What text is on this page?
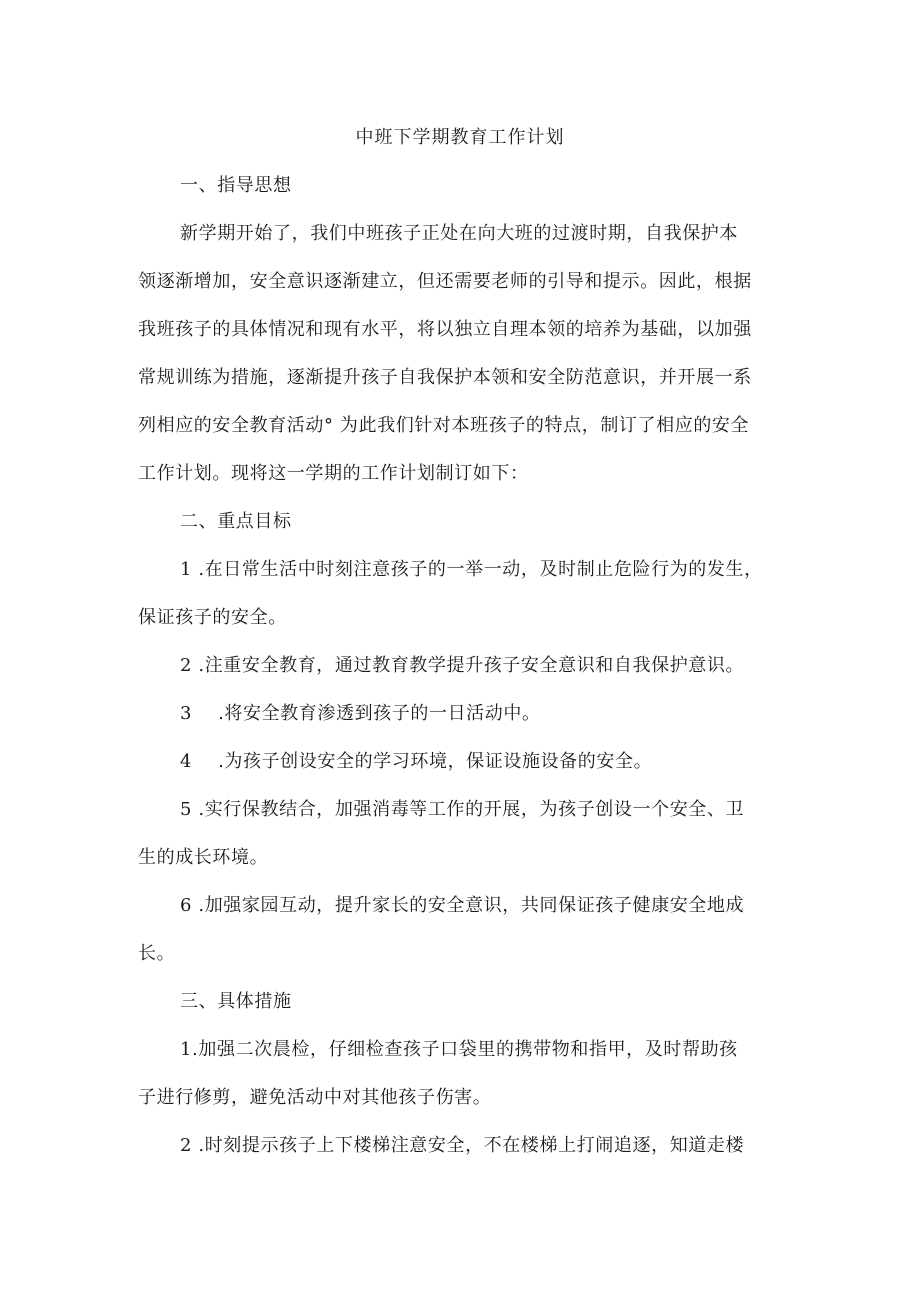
中班下学期教育工作计划
一、指导思想
新学期开始了，我们中班孩子正处在向大班的过渡时期，自我保护本
领逐渐增加，安全意识逐渐建立，但还需要老师的引导和提示。因此，根据
我班孩子的具体情况和现有水平，将以独立自理本领的培养为基础，以加强
常规训练为措施，逐渐提升孩子自我保护本领和安全防范意识，并开展一系
列相应的安全教育活动° 为此我们针对本班孩子的特点，制订了相应的安全
工作计划。现将这一学期的工作计划制订如下：
二、重点目标
1 .在日常生活中时刻注意孩子的一举一动，及时制止危险行为的发生，
保证孩子的安全。
2 .注重安全教育，通过教育教学提升孩子安全意识和自我保护意识。
3 .将安全教育渗透到孩子的一日活动中。
4 .为孩子创设安全的学习环境，保证设施设备的安全。
5 .实行保教结合，加强消毒等工作的开展，为孩子创设一个安全、卫
生的成长环境。
6 .加强家园互动，提升家长的安全意识，共同保证孩子健康安全地成
长。
三、具体措施
1.加强二次晨检，仔细检查孩子口袋里的携带物和指甲，及时帮助孩
子进行修剪，避免活动中对其他孩子伤害。
2 .时刻提示孩子上下楼梯注意安全，不在楼梯上打闹追逐，知道走楼
